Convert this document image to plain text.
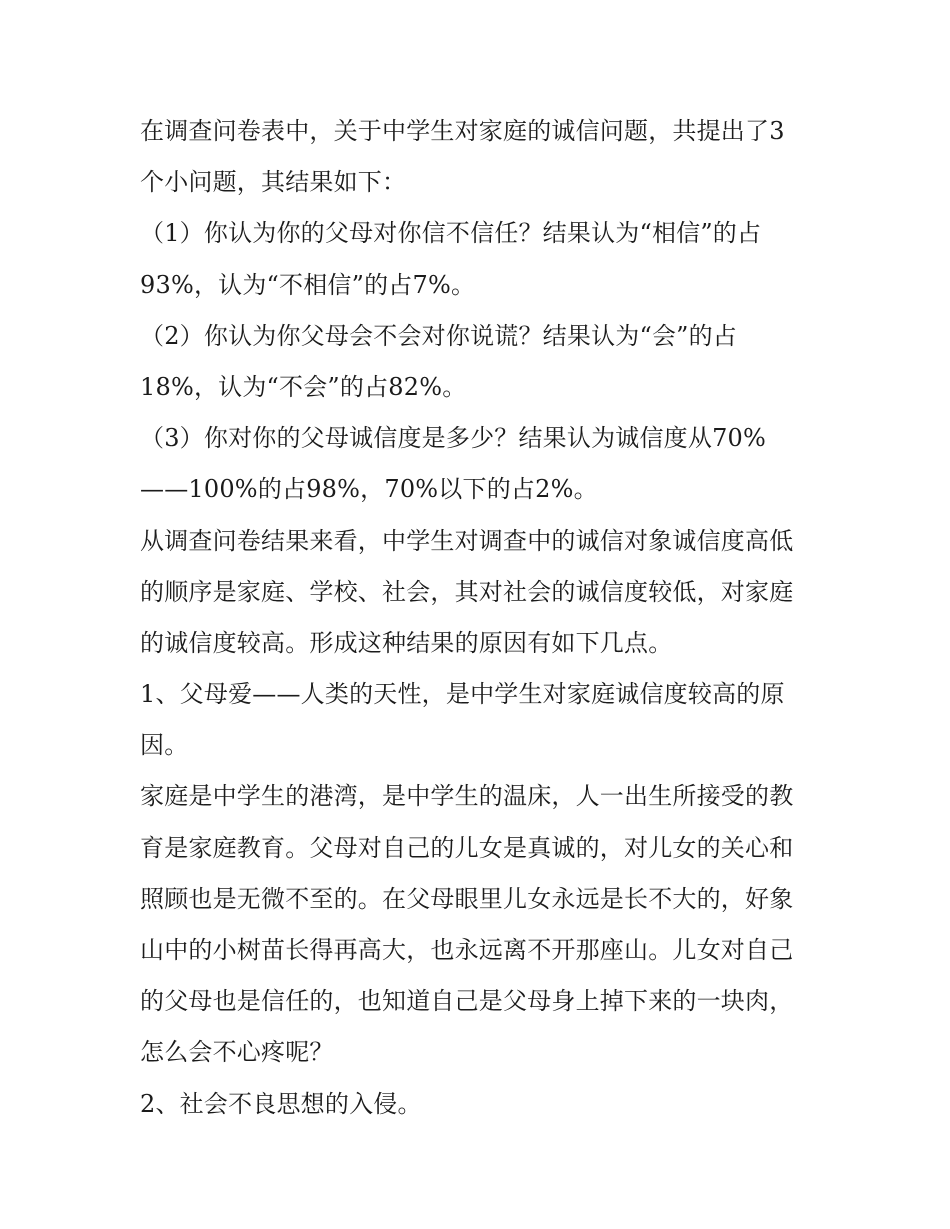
在调查问卷表中，关于中学生对家庭的诚信问题，共提出了3
个小问题，其结果如下：
（1）你认为你的父母对你信不信任？结果认为“相信”的占
93%，认为“不相信”的占7%。
（2）你认为你父母会不会对你说谎？结果认为“会”的占
18%，认为“不会”的占82%。
（3）你对你的父母诚信度是多少？结果认为诚信度从70%
——100%的占98%，70%以下的占2%。
从调查问卷结果来看，中学生对调查中的诚信对象诚信度高低
的顺序是家庭、学校、社会，其对社会的诚信度较低，对家庭
的诚信度较高。形成这种结果的原因有如下几点。
1、父母爱——人类的天性，是中学生对家庭诚信度较高的原
因。
家庭是中学生的港湾，是中学生的温床，人一出生所接受的教
育是家庭教育。父母对自己的儿女是真诚的，对儿女的关心和
照顾也是无微不至的。在父母眼里儿女永远是长不大的，好象
山中的小树苗长得再高大，也永远离不开那座山。儿女对自己
的父母也是信任的，也知道自己是父母身上掉下来的一块肉，
怎么会不心疼呢？
2、社会不良思想的入侵。
